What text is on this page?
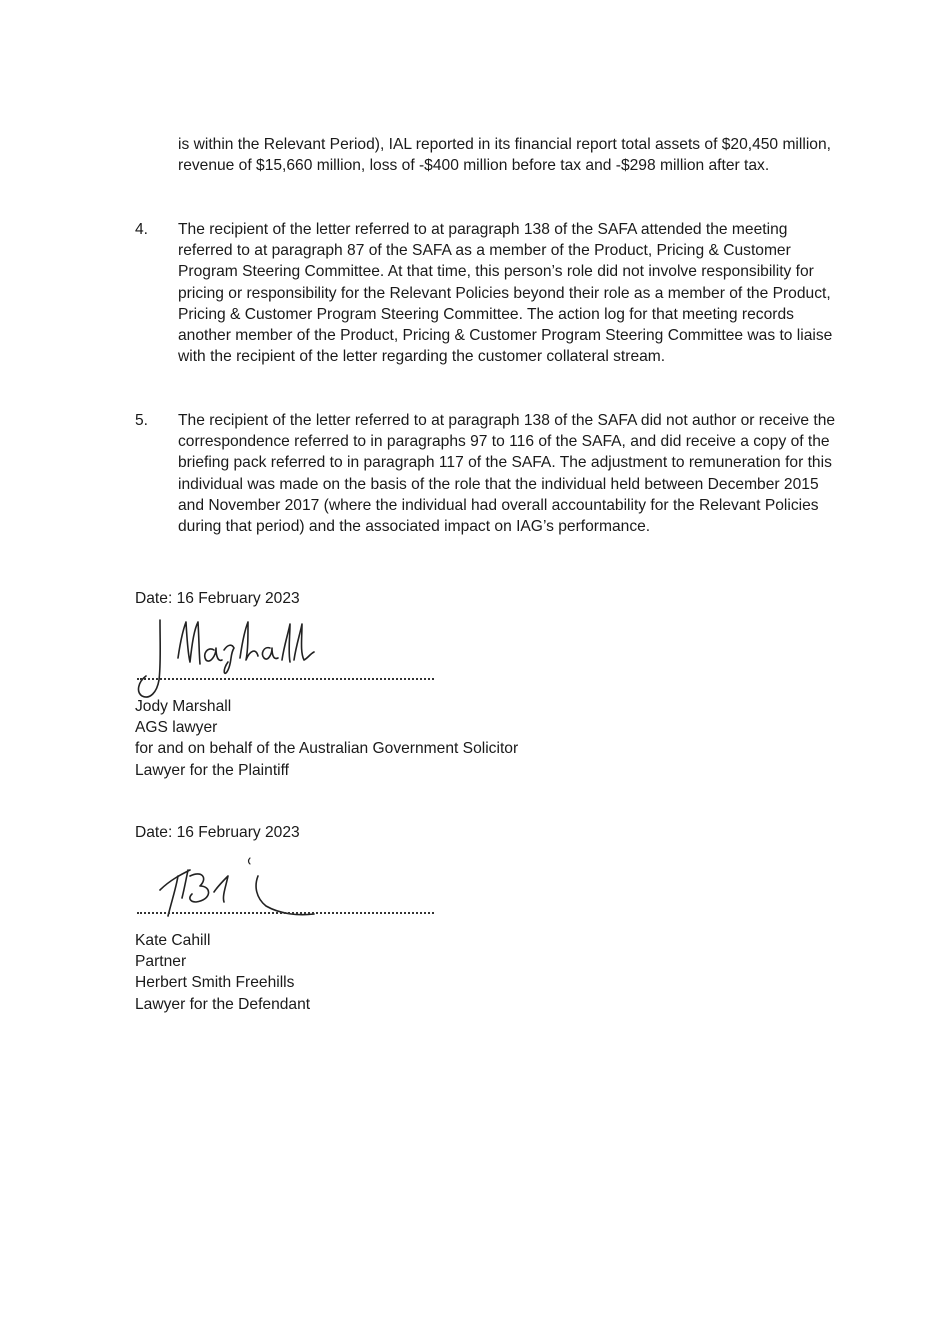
is within the Relevant Period), IAL reported in its financial report total assets of $20,450 million, revenue of $15,660 million, loss of -$400 million before tax and -$298 million after tax.
4.	The recipient of the letter referred to at paragraph 138 of the SAFA attended the meeting referred to at paragraph 87 of the SAFA as a member of the Product, Pricing & Customer Program Steering Committee. At that time, this person’s role did not involve responsibility for pricing or responsibility for the Relevant Policies beyond their role as a member of the Product, Pricing & Customer Program Steering Committee. The action log for that meeting records another member of the Product, Pricing & Customer Program Steering Committee was to liaise with the recipient of the letter regarding the customer collateral stream.
5.	The recipient of the letter referred to at paragraph 138 of the SAFA did not author or receive the correspondence referred to in paragraphs 97 to 116 of the SAFA, and did receive a copy of the briefing pack referred to in paragraph 117 of the SAFA. The adjustment to remuneration for this individual was made on the basis of the role that the individual held between December 2015 and November 2017 (where the individual had overall accountability for the Relevant Policies during that period) and the associated impact on IAG’s performance.
Date: 16 February 2023
Jody Marshall
AGS lawyer
for and on behalf of the Australian Government Solicitor
Lawyer for the Plaintiff
Date: 16 February 2023
Kate Cahill
Partner
Herbert Smith Freehills
Lawyer for the Defendant
